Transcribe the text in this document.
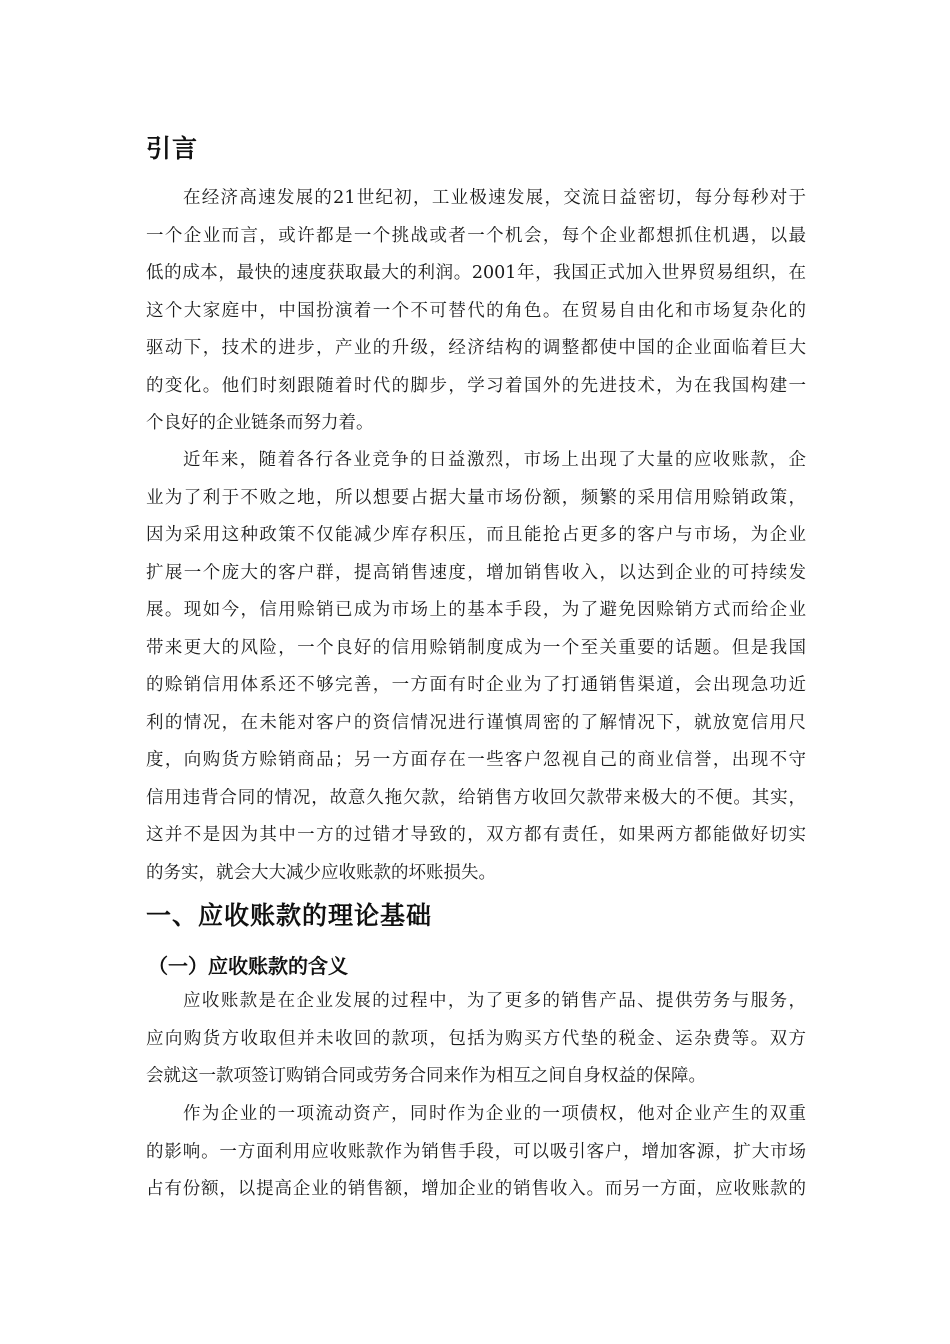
引言
在经济高速发展的21世纪初，工业极速发展，交流日益密切，每分每秒对于
一个企业而言，或许都是一个挑战或者一个机会，每个企业都想抓住机遇，以最
低的成本，最快的速度获取最大的利润。2001年，我国正式加入世界贸易组织，在
这个大家庭中，中国扮演着一个不可替代的角色。在贸易自由化和市场复杂化的
驱动下，技术的进步，产业的升级，经济结构的调整都使中国的企业面临着巨大
的变化。他们时刻跟随着时代的脚步，学习着国外的先进技术，为在我国构建一
个良好的企业链条而努力着。
近年来，随着各行各业竞争的日益激烈，市场上出现了大量的应收账款，企
业为了利于不败之地，所以想要占据大量市场份额，频繁的采用信用赊销政策，
因为采用这种政策不仅能减少库存积压，而且能抢占更多的客户与市场，为企业
扩展一个庞大的客户群，提高销售速度，增加销售收入，以达到企业的可持续发
展。现如今，信用赊销已成为市场上的基本手段，为了避免因赊销方式而给企业
带来更大的风险，一个良好的信用赊销制度成为一个至关重要的话题。但是我国
的赊销信用体系还不够完善，一方面有时企业为了打通销售渠道，会出现急功近
利的情况，在未能对客户的资信情况进行谨慎周密的了解情况下，就放宽信用尺
度，向购货方赊销商品；另一方面存在一些客户忽视自己的商业信誉，出现不守
信用违背合同的情况，故意久拖欠款，给销售方收回欠款带来极大的不便。其实，
这并不是因为其中一方的过错才导致的，双方都有责任，如果两方都能做好切实
的务实，就会大大减少应收账款的坏账损失。
一、应收账款的理论基础
（一）应收账款的含义
应收账款是在企业发展的过程中，为了更多的销售产品、提供劳务与服务，
应向购货方收取但并未收回的款项，包括为购买方代垫的税金、运杂费等。双方
会就这一款项签订购销合同或劳务合同来作为相互之间自身权益的保障。
作为企业的一项流动资产，同时作为企业的一项债权，他对企业产生的双重
的影响。一方面利用应收账款作为销售手段，可以吸引客户，增加客源，扩大市场
占有份额，以提高企业的销售额，增加企业的销售收入。而另一方面，应收账款的
